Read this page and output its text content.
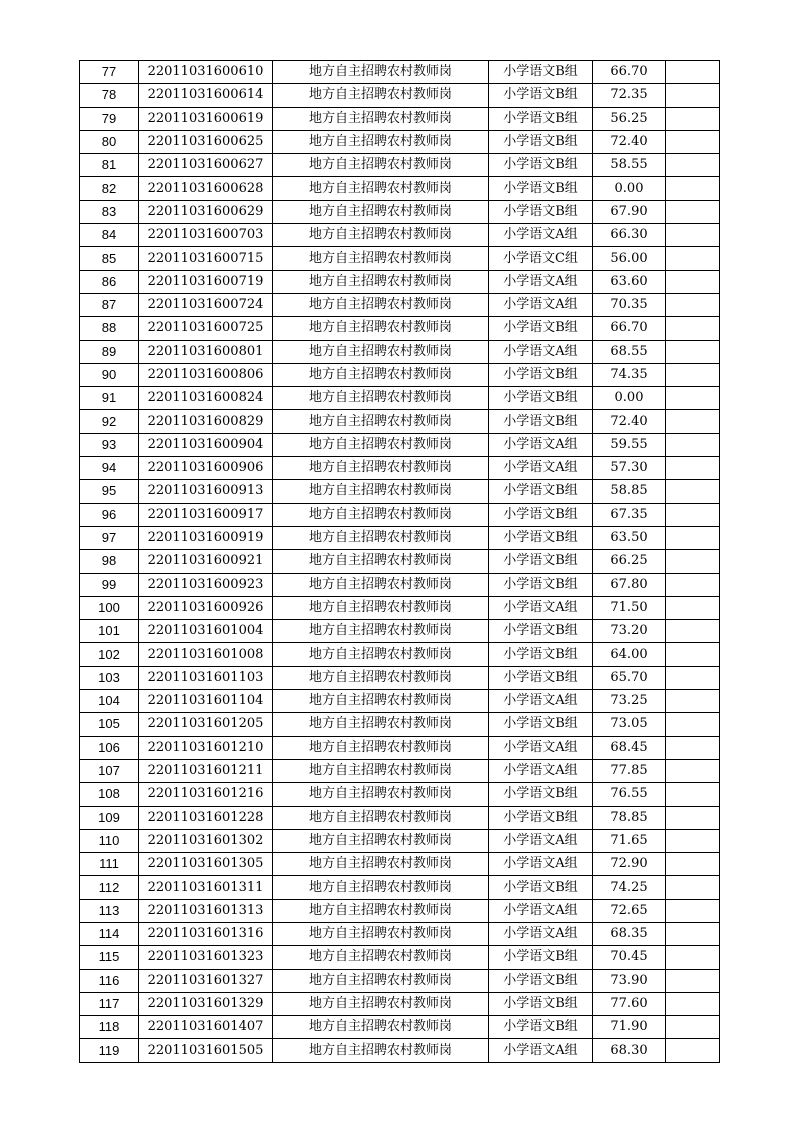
77	22011031600610	地方自主招聘农村教师岗	小学语文B组	66.70	
78	22011031600614	地方自主招聘农村教师岗	小学语文B组	72.35	
79	22011031600619	地方自主招聘农村教师岗	小学语文B组	56.25	
80	22011031600625	地方自主招聘农村教师岗	小学语文B组	72.40	
81	22011031600627	地方自主招聘农村教师岗	小学语文B组	58.55	
82	22011031600628	地方自主招聘农村教师岗	小学语文B组	0.00	
83	22011031600629	地方自主招聘农村教师岗	小学语文B组	67.90	
84	22011031600703	地方自主招聘农村教师岗	小学语文A组	66.30	
85	22011031600715	地方自主招聘农村教师岗	小学语文C组	56.00	
86	22011031600719	地方自主招聘农村教师岗	小学语文A组	63.60	
87	22011031600724	地方自主招聘农村教师岗	小学语文A组	70.35	
88	22011031600725	地方自主招聘农村教师岗	小学语文B组	66.70	
89	22011031600801	地方自主招聘农村教师岗	小学语文A组	68.55	
90	22011031600806	地方自主招聘农村教师岗	小学语文B组	74.35	
91	22011031600824	地方自主招聘农村教师岗	小学语文B组	0.00	
92	22011031600829	地方自主招聘农村教师岗	小学语文B组	72.40	
93	22011031600904	地方自主招聘农村教师岗	小学语文A组	59.55	
94	22011031600906	地方自主招聘农村教师岗	小学语文A组	57.30	
95	22011031600913	地方自主招聘农村教师岗	小学语文B组	58.85	
96	22011031600917	地方自主招聘农村教师岗	小学语文B组	67.35	
97	22011031600919	地方自主招聘农村教师岗	小学语文B组	63.50	
98	22011031600921	地方自主招聘农村教师岗	小学语文B组	66.25	
99	22011031600923	地方自主招聘农村教师岗	小学语文B组	67.80	
100	22011031600926	地方自主招聘农村教师岗	小学语文A组	71.50	
101	22011031601004	地方自主招聘农村教师岗	小学语文B组	73.20	
102	22011031601008	地方自主招聘农村教师岗	小学语文B组	64.00	
103	22011031601103	地方自主招聘农村教师岗	小学语文B组	65.70	
104	22011031601104	地方自主招聘农村教师岗	小学语文A组	73.25	
105	22011031601205	地方自主招聘农村教师岗	小学语文B组	73.05	
106	22011031601210	地方自主招聘农村教师岗	小学语文A组	68.45	
107	22011031601211	地方自主招聘农村教师岗	小学语文A组	77.85	
108	22011031601216	地方自主招聘农村教师岗	小学语文B组	76.55	
109	22011031601228	地方自主招聘农村教师岗	小学语文B组	78.85	
110	22011031601302	地方自主招聘农村教师岗	小学语文A组	71.65	
111	22011031601305	地方自主招聘农村教师岗	小学语文A组	72.90	
112	22011031601311	地方自主招聘农村教师岗	小学语文B组	74.25	
113	22011031601313	地方自主招聘农村教师岗	小学语文A组	72.65	
114	22011031601316	地方自主招聘农村教师岗	小学语文A组	68.35	
115	22011031601323	地方自主招聘农村教师岗	小学语文B组	70.45	
116	22011031601327	地方自主招聘农村教师岗	小学语文B组	73.90	
117	22011031601329	地方自主招聘农村教师岗	小学语文B组	77.60	
118	22011031601407	地方自主招聘农村教师岗	小学语文B组	71.90	
119	22011031601505	地方自主招聘农村教师岗	小学语文A组	68.30	
